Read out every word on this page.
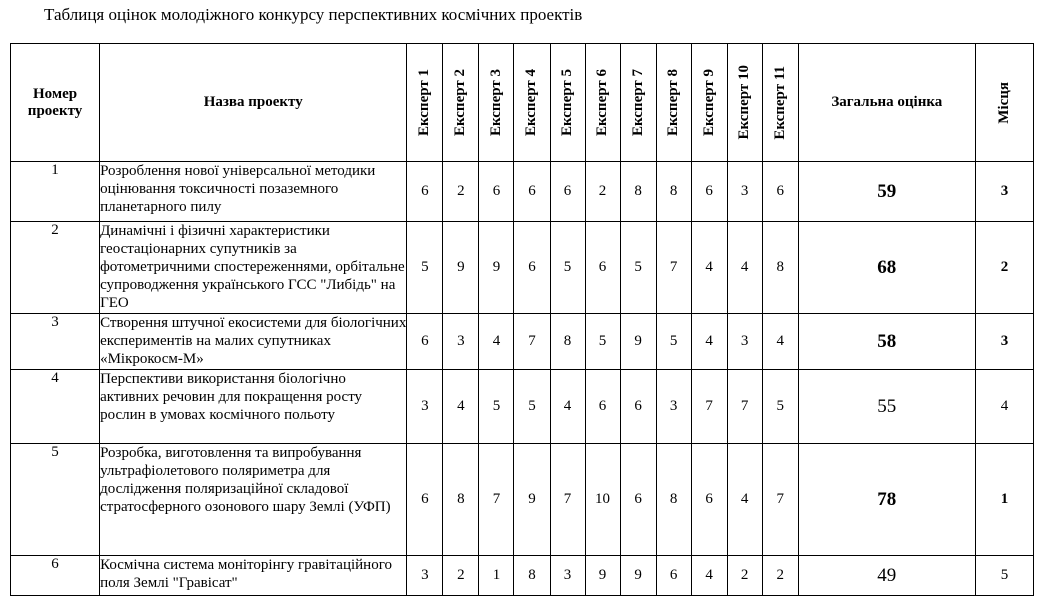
Таблиця оцінок молодіжного конкурсу перспективних космічних проектів
Номер проекту	Назва проекту	Експерт 1	Експерт 2	Експерт 3	Експерт 4	Експерт 5	Експерт 6	Експерт 7	Експерт 8	Експерт 9	Експерт 10	Експерт 11	Загальна оцінка	Місця

1	Розроблення нової універсальної методики оцінювання токсичності позаземного планетарного пилу	6	2	6	6	6	2	8	8	6	3	6	59	3
2	Динамічні і фізичні характеристики геостаціонарних супутників за фотометричними спостереженнями, орбітальне супроводження українського ГСС "Либідь" на ГЕО	5	9	9	6	5	6	5	7	4	4	8	68	2
3	Створення штучної екосистеми для біологічних експериментів на малих супутниках «Мікрокосм-М»	6	3	4	7	8	5	9	5	4	3	4	58	3
4	Перспективи використання біологічно активних речовин для покращення росту рослин в умовах космічного польоту	3	4	5	5	4	6	6	3	7	7	5	55	4
5	Розробка, виготовлення та випробування ультрафіолетового поляриметра для дослідження поляризаційної складової стратосферного озонового шару Землі (УФП)	6	8	7	9	7	10	6	8	6	4	7	78	1
6	Космічна система моніторінгу гравітаційного поля Землі "Гравісат"	3	2	1	8	3	9	9	6	4	2	2	49	5
